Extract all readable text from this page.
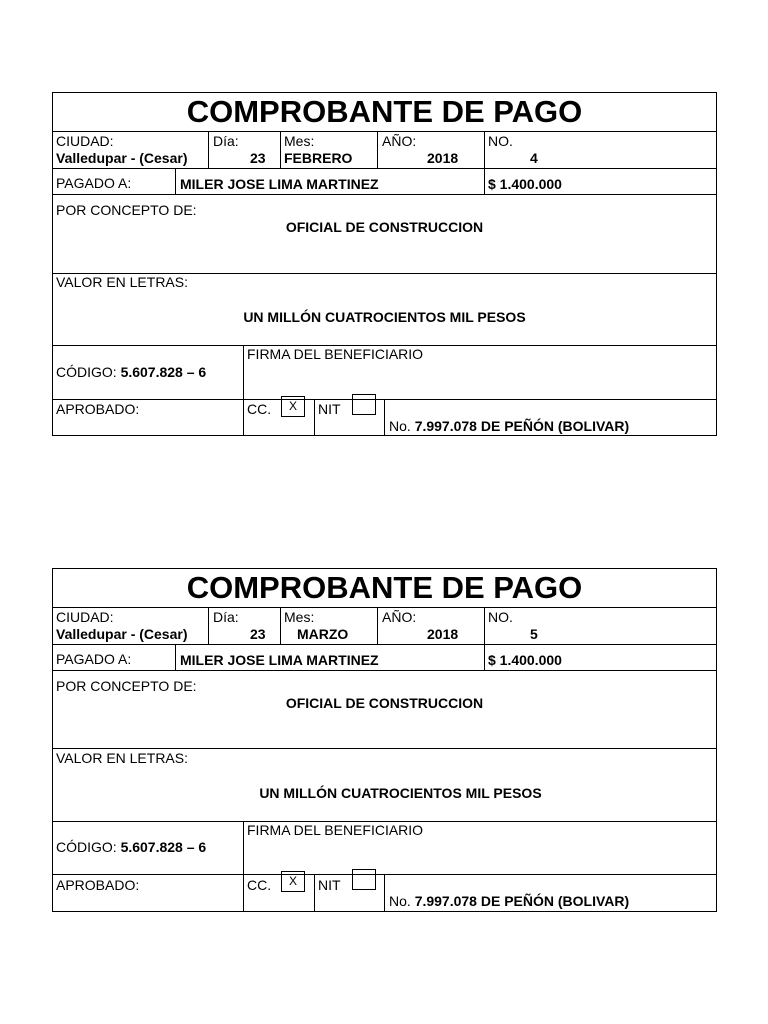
COMPROBANTE DE PAGO
CIUDAD:
Valledupar - (Cesar)
Día:
23
Mes:
FEBRERO
AÑO:
2018
NO.
4
PAGADO A:	MILER JOSE LIMA MARTINEZ	$ 1.400.000
POR CONCEPTO DE:
OFICIAL DE CONSTRUCCION
VALOR EN LETRAS:
UN MILLÓN CUATROCIENTOS MIL PESOS
CÓDIGO: 5.607.828 – 6
FIRMA DEL BENEFICIARIO
APROBADO:	CC.	X	NIT
No. 7.997.078 DE PEÑÓN (BOLIVAR)
COMPROBANTE DE PAGO
CIUDAD:
Valledupar - (Cesar)
Día:
23
Mes:
MARZO
AÑO:
2018
NO.
5
PAGADO A:	MILER JOSE LIMA MARTINEZ	$ 1.400.000
POR CONCEPTO DE:
OFICIAL DE CONSTRUCCION
VALOR EN LETRAS:
UN MILLÓN CUATROCIENTOS MIL PESOS
CÓDIGO: 5.607.828 – 6
FIRMA DEL BENEFICIARIO
APROBADO:	CC.	X	NIT
No. 7.997.078 DE PEÑÓN (BOLIVAR)
